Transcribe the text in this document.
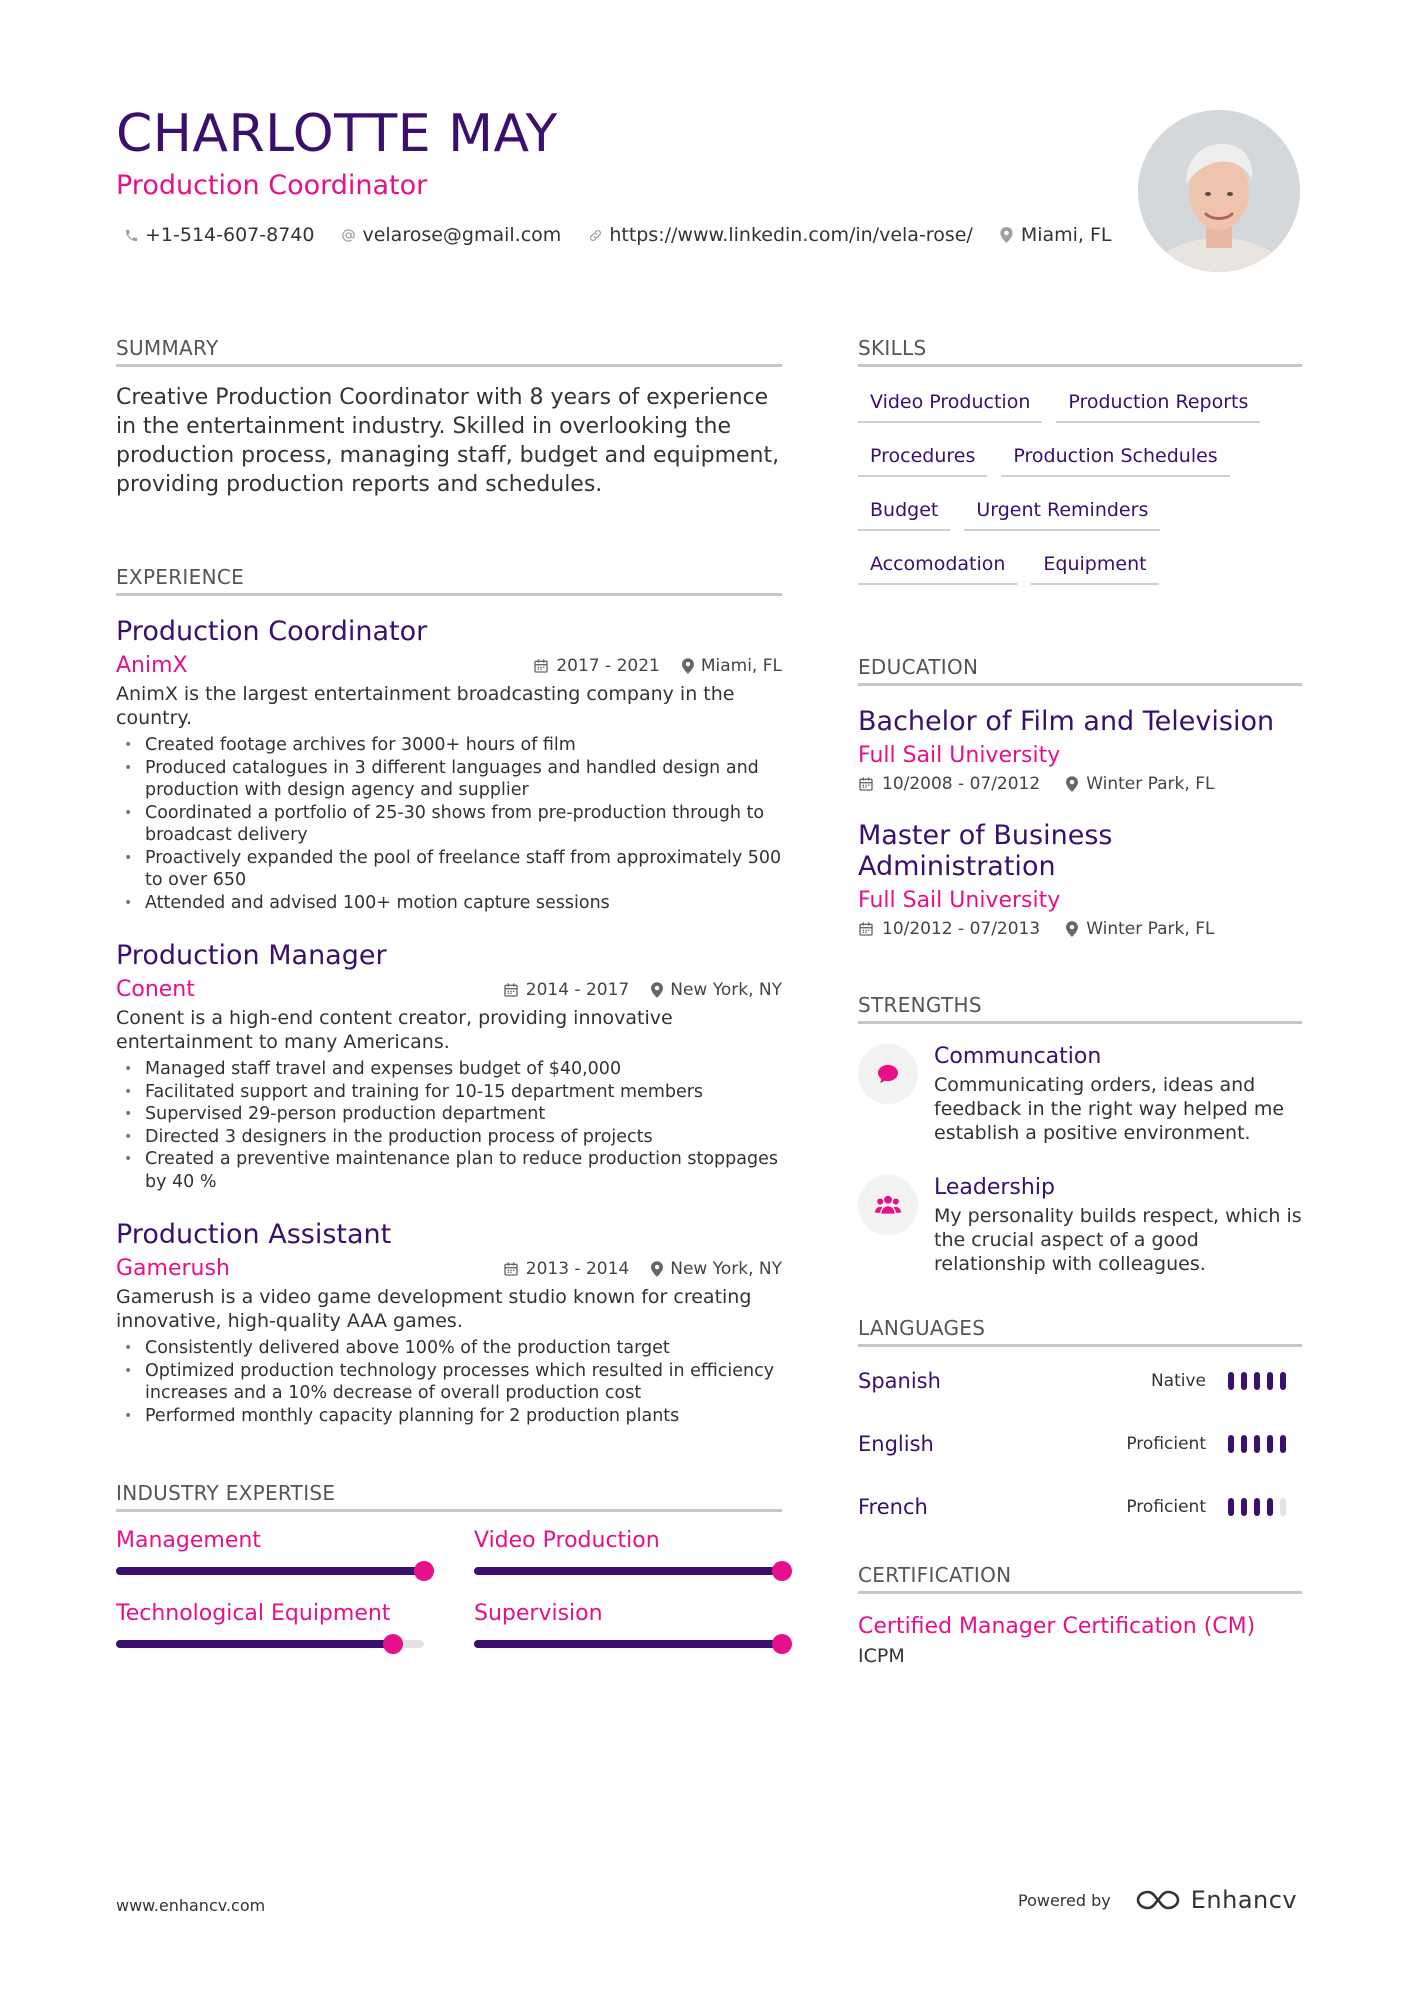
CHARLOTTE MAY
Production Coordinator
+1-514-607-8740	velarose@gmail.com	https://www.linkedin.com/in/vela-rose/	Miami, FL
SUMMARY

Creative Production Coordinator with 8 years of experience in the entertainment industry. Skilled in overlooking the production process, managing staff, budget and equipment, providing production reports and schedules.

EXPERIENCE
Production Coordinator
AnimX	2017 - 2021 Miami, FL
AnimX is the largest entertainment broadcasting company in the country.
• Created footage archives for 3000+ hours of film
• Produced catalogues in 3 different languages and handled design and production with design agency and supplier
• Coordinated a portfolio of 25-30 shows from pre-production through to broadcast delivery
• Proactively expanded the pool of freelance staff from approximately 500 to over 650
• Attended and advised 100+ motion capture sessions
Production Manager
Conent	2014 - 2017 New York, NY
Conent is a high-end content creator, providing innovative entertainment to many Americans.
• Managed staff travel and expenses budget of $40,000
• Facilitated support and training for 10-15 department members
• Supervised 29-person production department
• Directed 3 designers in the production process of projects
• Created a preventive maintenance plan to reduce production stoppages by 40 %
Production Assistant
Gamerush	2013 - 2014 New York, NY
Gamerush is a video game development studio known for creating innovative, high-quality AAA games.
• Consistently delivered above 100% of the production target
• Optimized production technology processes which resulted in efficiency increases and a 10% decrease of overall production cost
• Performed monthly capacity planning for 2 production plants
INDUSTRY EXPERTISE
Management	Video Production
Technological Equipment	Supervision
SKILLS
Video Production	Production Reports
Procedures	Production Schedules
Budget	Urgent Reminders
Accomodation	Equipment
EDUCATION
Bachelor of Film and Television
Full Sail University
10/2008 - 07/2012	Winter Park, FL
Master of Business Administration
Full Sail University
10/2012 - 07/2013	Winter Park, FL
STRENGTHS
Communcation
Communicating orders, ideas and feedback in the right way helped me establish a positive environment.
Leadership
My personality builds respect, which is the crucial aspect of a good relationship with colleagues.
LANGUAGES
Spanish	Native
English	Proficient
French	Proficient
CERTIFICATION
Certified Manager Certification (CM)
ICPM
www.enhancv.com	Powered by	Enhancv
